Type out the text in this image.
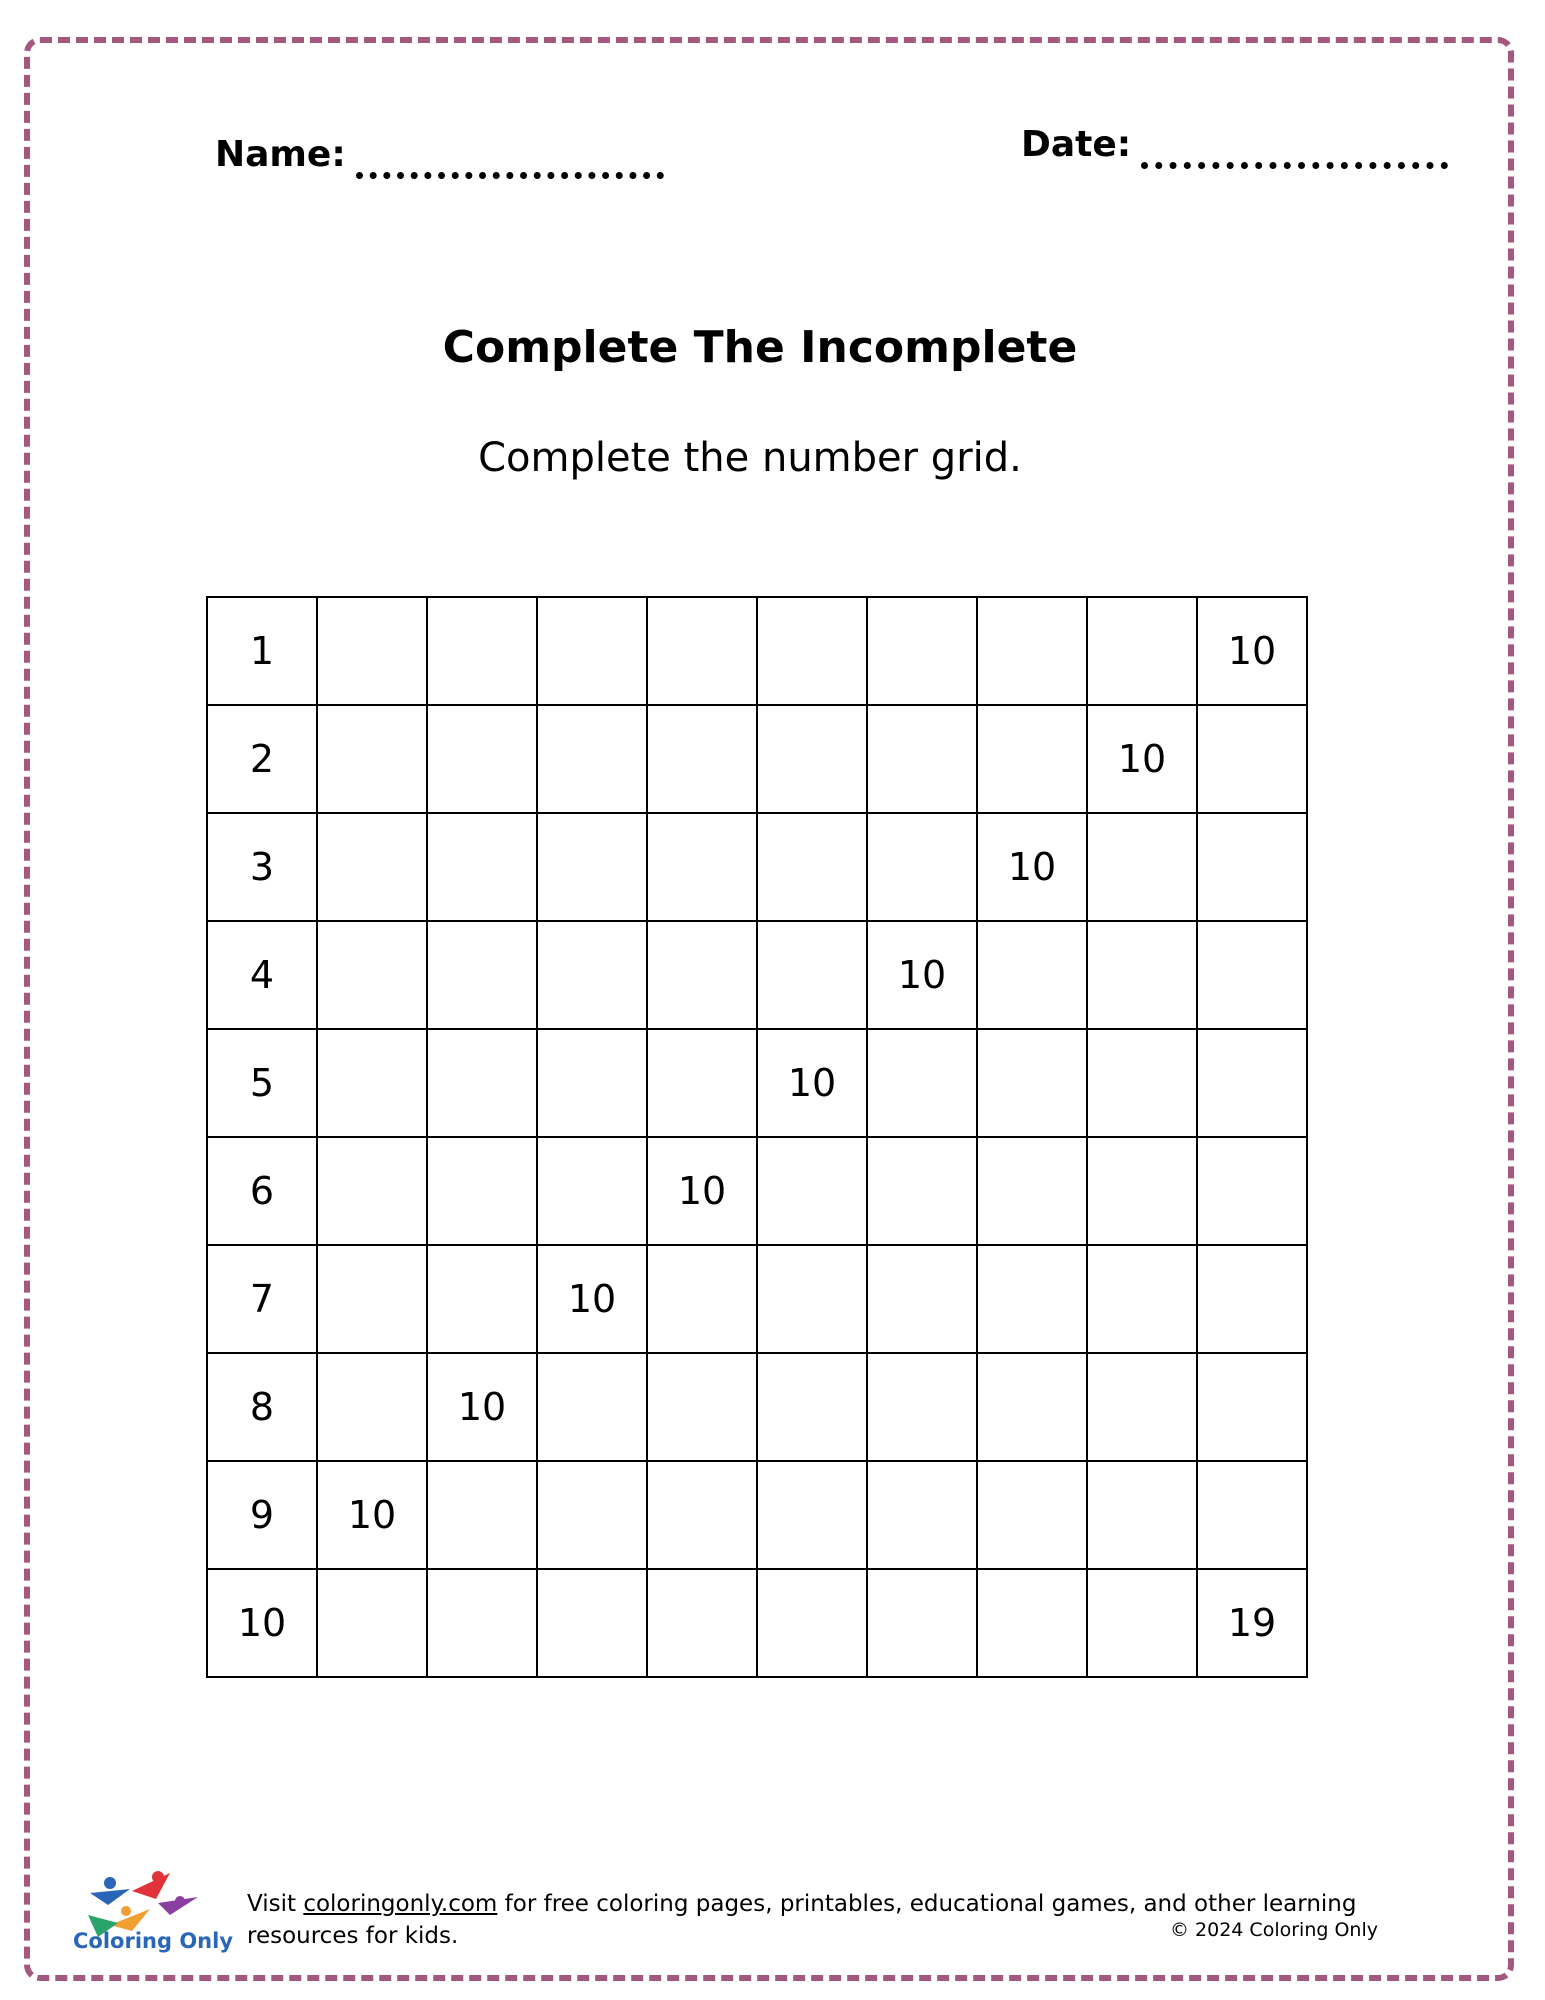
Name:	Date:
Complete The Incomplete
Complete the number grid.
1									10
2								10	
3							10		
4						10			
5					10				
6				10					
7			10						
8		10							
9	10								
10									19
Coloring Only
Visit coloringonly.com for free coloring pages, printables, educational games, and other learning resources for kids.	© 2024 Coloring Only
